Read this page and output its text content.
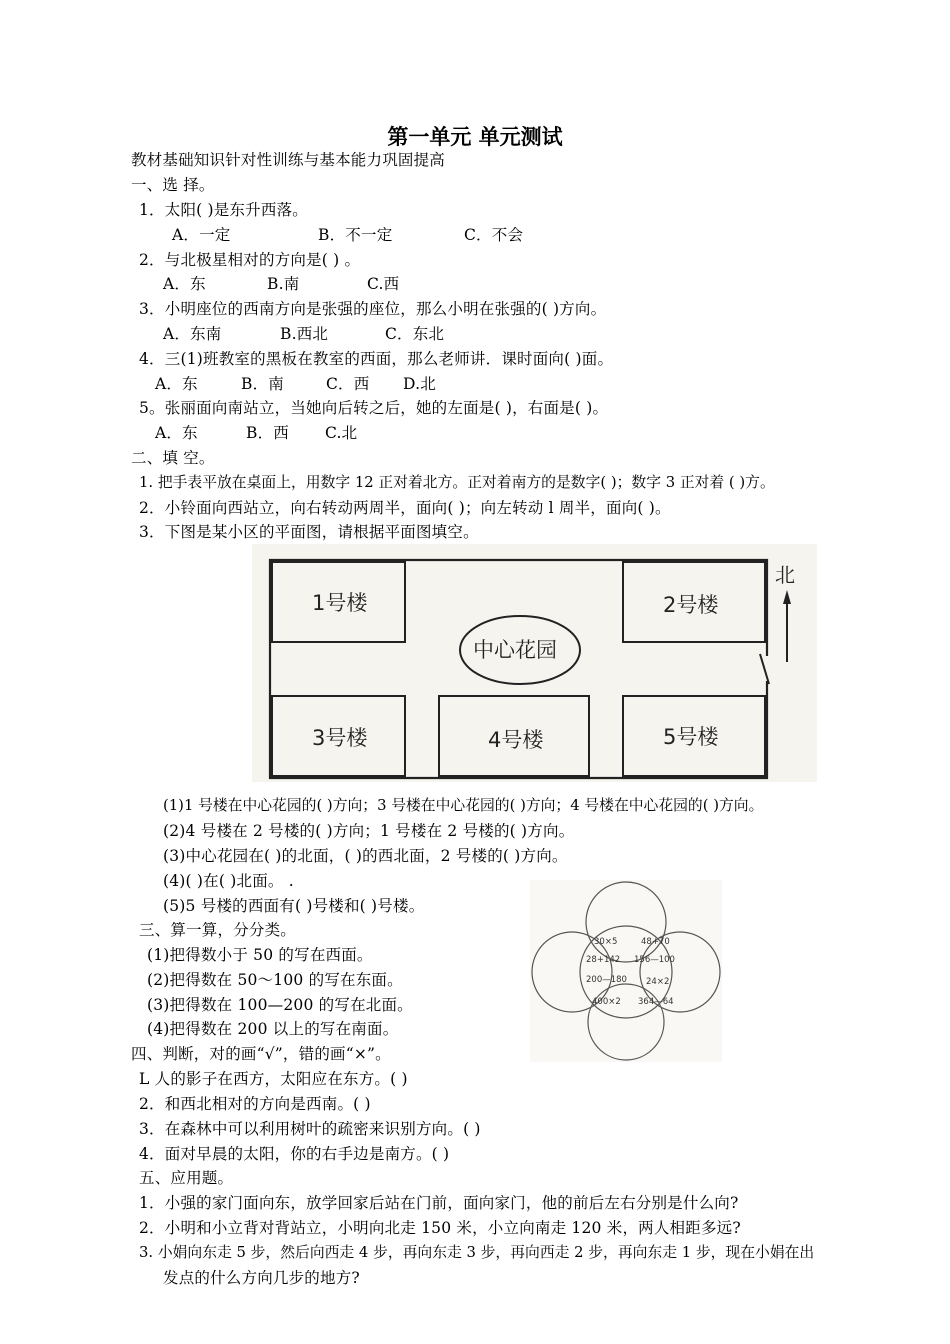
第一单元 单元测试
教材基础知识针对性训练与基本能力巩固提高
一、选 择。
1．太阳( )是东升西落。
A．一定	B．不一定	C．不会
2．与北极星相对的方向是( ) 。
A．东	B.南	C.西
3．小明座位的西南方向是张强的座位，那么小明在张强的( )方向。
A．东南	B.西北	C．东北
4．三(1)班教室的黑板在教室的西面，那么老师讲．课时面向( )面。
A．东	B．南	C．西 D.北
5。张丽面向南站立，当她向后转之后，她的左面是( )，右面是( )。
A．东	B．西 C.北
二、填 空。
1. 把手表平放在桌面上，用数字 12 正对着北方。正对着南方的是数字( )；数字 3 正对着 ( )方。
2．小铃面向西站立，向右转动两周半，面向( )；向左转动 l 周半，面向( )。
3．下图是某小区的平面图，请根据平面图填空。
1号楼	2号楼
3号楼	4号楼	5号楼
中心花园
北
(1)1 号楼在中心花园的( )方向；3 号楼在中心花园的( )方向；4 号楼在中心花园的( )方向。
(2)4 号楼在 2 号楼的( )方向；1 号楼在 2 号楼的( )方向。
(3)中心花园在( )的北面，( )的西北面，2 号楼的( )方向。
(4)( )在( )北面。 .
(5)5 号楼的西面有( )号楼和( )号楼。
三、算一算，分分类。
(1)把得数小于 50 的写在西面。
(2)把得数在 50～100 的写在东面。
(3)把得数在 100—200 的写在北面。
(4)把得数在 200 以上的写在南面。
30×5	48+70
28+142 156—100
200—180 24×2
400×2 364—64
四、判断，对的画“√”，错的画“×”。
L 人的影子在西方，太阳应在东方。( )
2．和西北相对的方向是西南。( )
3．在森林中可以利用树叶的疏密来识别方向。( )
4．面对早晨的太阳，你的右手边是南方。( )
五、应用题。
1．小强的家门面向东，放学回家后站在门前，面向家门，他的前后左右分别是什么向?
2．小明和小立背对背站立，小明向北走 150 米，小立向南走 120 米，两人相距多远?
3. 小娟向东走 5 步，然后向西走 4 步，再向东走 3 步，再向西走 2 步，再向东走 1 步，现在小娟在出
发点的什么方向几步的地方?
